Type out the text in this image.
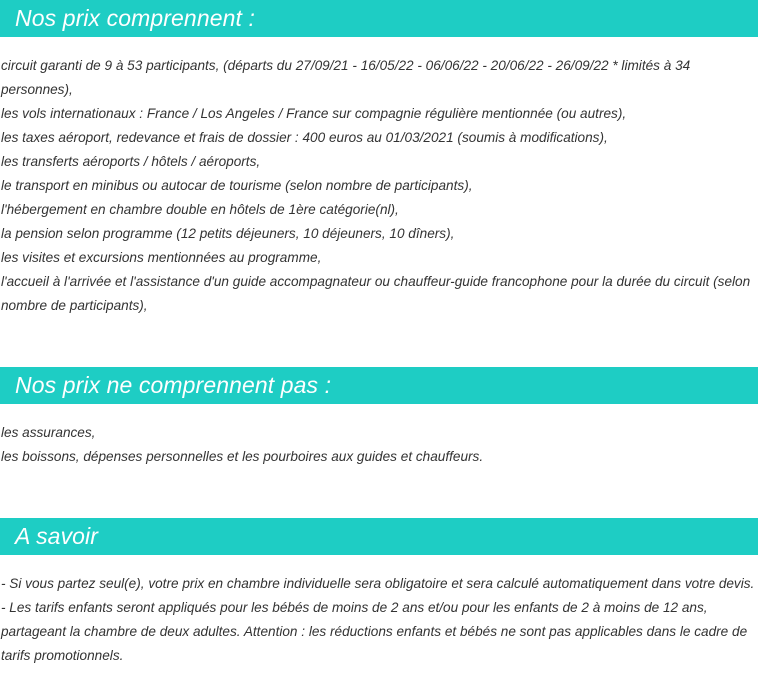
Nos prix comprennent :
circuit garanti de 9 à 53 participants, (départs du 27/09/21 - 16/05/22 - 06/06/22 - 20/06/22 - 26/09/22 * limités à 34 personnes),
les vols internationaux : France / Los Angeles / France sur compagnie régulière mentionnée (ou autres),
les taxes aéroport, redevance et frais de dossier : 400 euros au 01/03/2021 (soumis à modifications),
les transferts aéroports / hôtels / aéroports,
le transport en minibus ou autocar de tourisme (selon nombre de participants),
l'hébergement en chambre double en hôtels de 1ère catégorie(nl),
la pension selon programme (12 petits déjeuners, 10 déjeuners, 10 dîners),
les visites et excursions mentionnées au programme,
l'accueil à l'arrivée et l'assistance d'un guide accompagnateur ou chauffeur-guide francophone pour la durée du circuit (selon nombre de participants),
Nos prix ne comprennent pas :
les assurances,
les boissons, dépenses personnelles et les pourboires aux guides et chauffeurs.
A savoir
- Si vous partez seul(e), votre prix en chambre individuelle sera obligatoire et sera calculé automatiquement dans votre devis.
- Les tarifs enfants seront appliqués pour les bébés de moins de 2 ans et/ou pour les enfants de 2 à moins de 12 ans, partageant la chambre de deux adultes. Attention : les réductions enfants et bébés ne sont pas applicables dans le cadre de tarifs promotionnels.
